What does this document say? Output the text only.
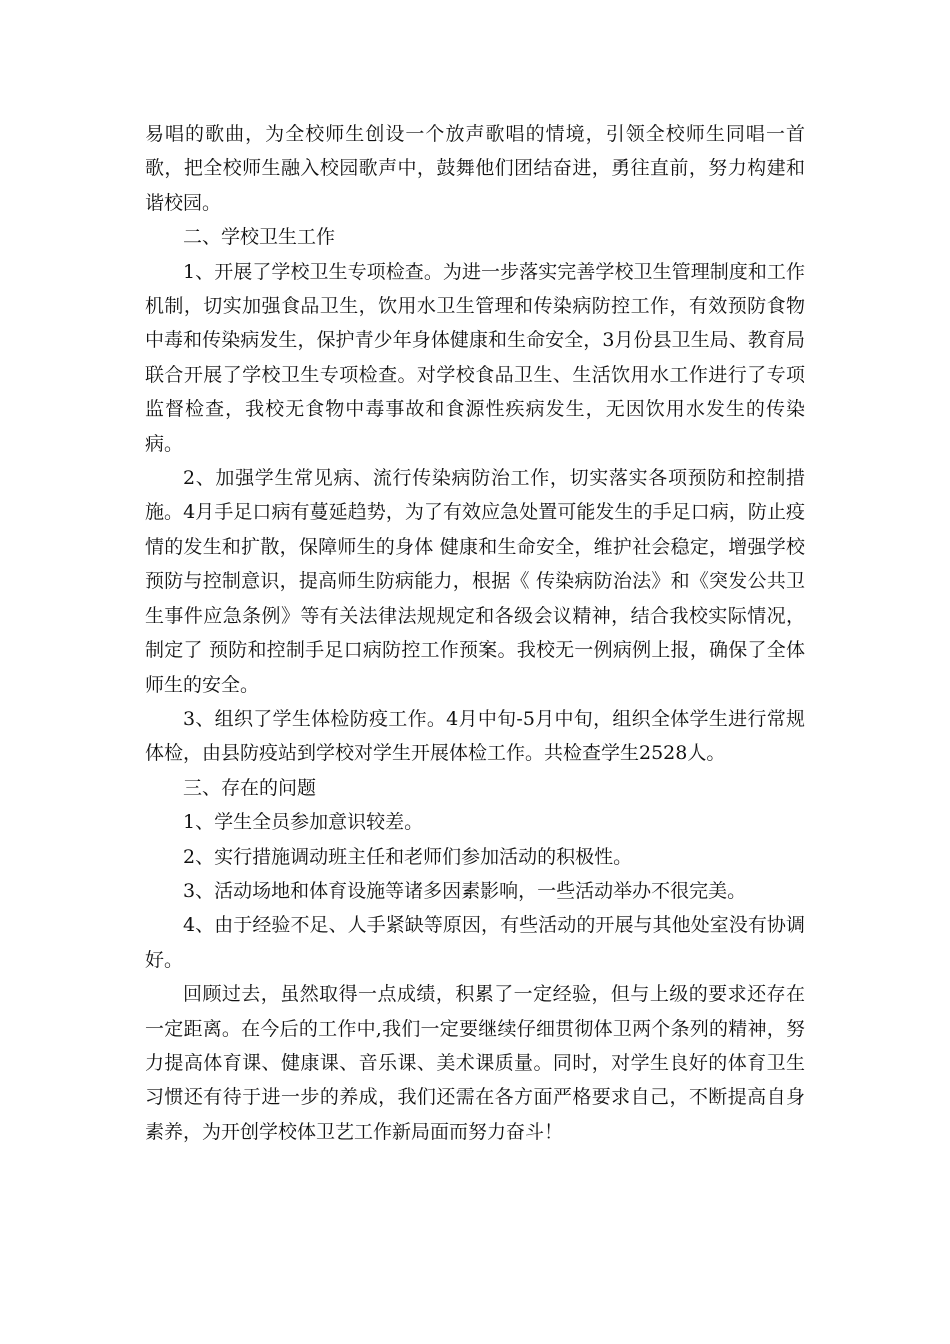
易唱的歌曲，为全校师生创设一个放声歌唱的情境，引领全校师生同唱一首歌，把全校师生融入校园歌声中，鼓舞他们团结奋进，勇往直前，努力构建和谐校园。

二、学校卫生工作

1、开展了学校卫生专项检查。为进一步落实完善学校卫生管理制度和工作机制，切实加强食品卫生，饮用水卫生管理和传染病防控工作，有效预防食物中毒和传染病发生，保护青少年身体健康和生命安全，3月份县卫生局、教育局联合开展了学校卫生专项检查。对学校食品卫生、生活饮用水工作进行了专项监督检查，我校无食物中毒事故和食源性疾病发生，无因饮用水发生的传染病。

2、加强学生常见病、流行传染病防治工作，切实落实各项预防和控制措施。4月手足口病有蔓延趋势，为了有效应急处置可能发生的手足口病，防止疫情的发生和扩散，保障师生的身体 健康和生命安全，维护社会稳定，增强学校预防与控制意识，提高师生防病能力，根据《 传染病防治法》和《突发公共卫生事件应急条例》等有关法律法规规定和各级会议精神，结合我校实际情况，制定了 预防和控制手足口病防控工作预案。我校无一例病例上报，确保了全体师生的安全。

3、组织了学生体检防疫工作。4月中旬-5月中旬，组织全体学生进行常规体检，由县防疫站到学校对学生开展体检工作。共检查学生2528人。

三、存在的问题

1、学生全员参加意识较差。

2、实行措施调动班主任和老师们参加活动的积极性。

3、活动场地和体育设施等诸多因素影响，一些活动举办不很完美。

4、由于经验不足、人手紧缺等原因，有些活动的开展与其他处室没有协调好。

回顾过去，虽然取得一点成绩，积累了一定经验，但与上级的要求还存在一定距离。在今后的工作中,我们一定要继续仔细贯彻体卫两个条列的精神，努力提高体育课、健康课、音乐课、美术课质量。同时，对学生良好的体育卫生习惯还有待于进一步的养成，我们还需在各方面严格要求自己，不断提高自身素养，为开创学校体卫艺工作新局面而努力奋斗！
